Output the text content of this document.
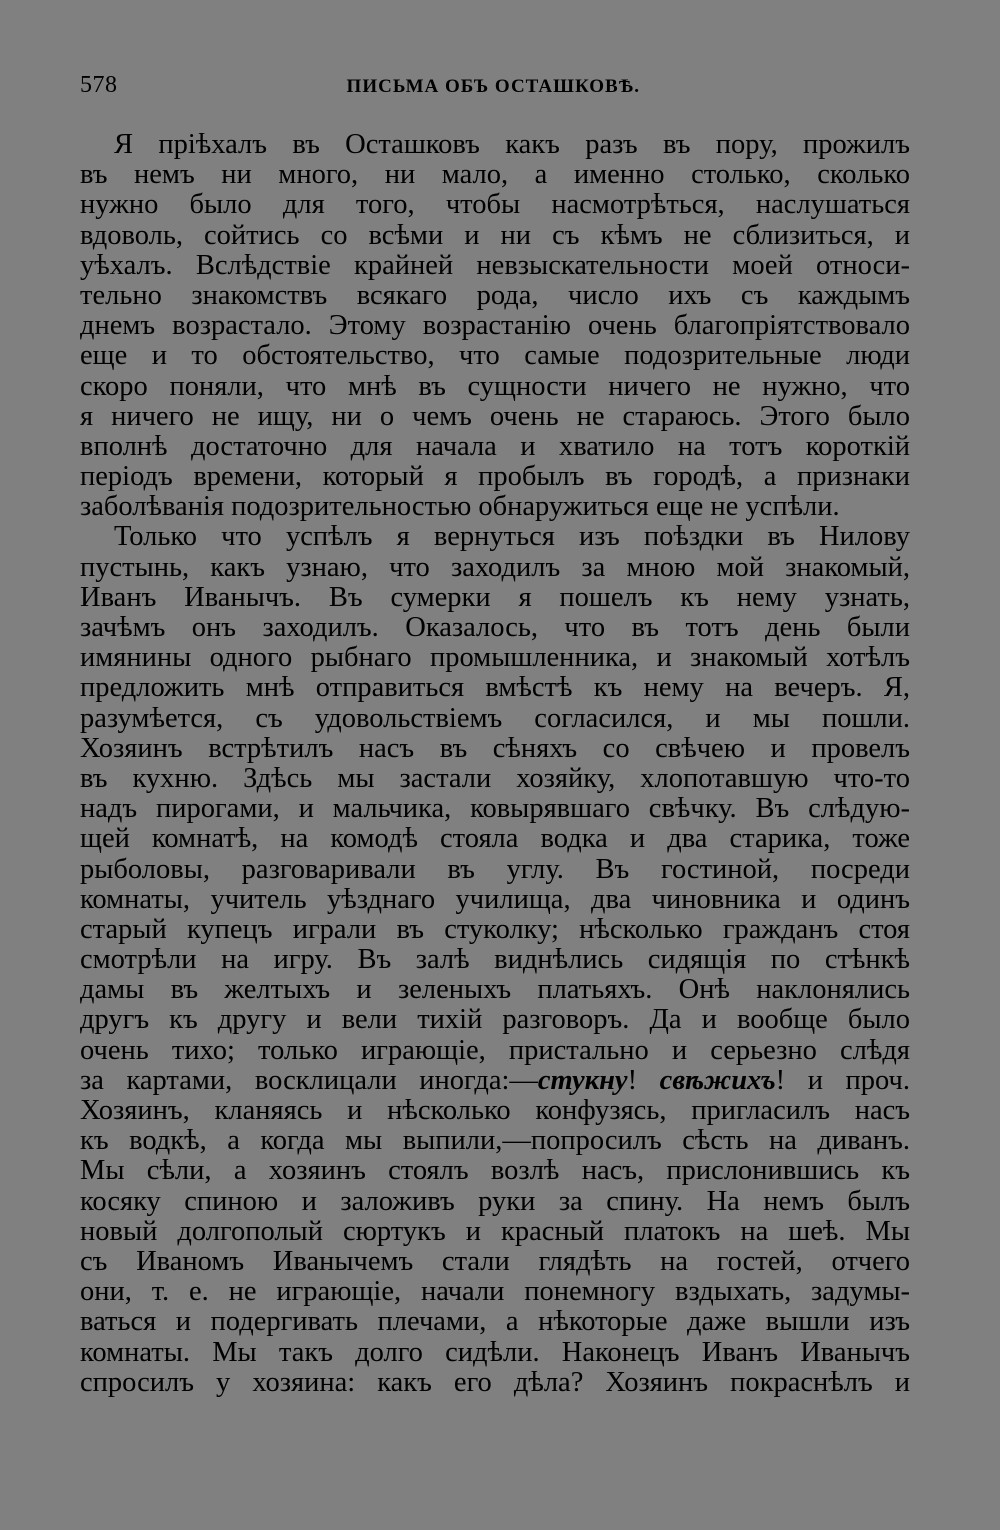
578	ПИСЬМА ОБЪ ОСТАШКОВѢ.
Я пріѣхалъ въ Осташковъ какъ разъ въ пору, прожилъ
въ немъ ни много, ни мало, а именно столько, сколько
нужно было для того, чтобы насмотрѣться, наслушаться
вдоволь, сойтись со всѣми и ни съ кѣмъ не сблизиться, и
уѣхалъ. Вслѣдствіе крайней невзыскательности моей относи-
тельно знакомствъ всякаго рода, число ихъ съ каждымъ
днемъ возрастало. Этому возрастанію очень благопріятствовало
еще и то обстоятельство, что самые подозрительные люди
скоро поняли, что мнѣ въ сущности ничего не нужно, что
я ничего не ищу, ни о чемъ очень не стараюсь. Этого было
вполнѣ достаточно для начала и хватило на тотъ короткій
періодъ времени, который я пробылъ въ городѣ, а признаки
заболѣванія подозрительностью обнаружиться еще не успѣли.
Только что успѣлъ я вернуться изъ поѣздки въ Нилову
пустынь, какъ узнаю, что заходилъ за мною мой знакомый,
Иванъ Иванычъ. Въ сумерки я пошелъ къ нему узнать,
зачѣмъ онъ заходилъ. Оказалось, что въ тотъ день были
имянины одного рыбнаго промышленника, и знакомый хотѣлъ
предложить мнѣ отправиться вмѣстѣ къ нему на вечеръ. Я,
разумѣется, съ удовольствіемъ согласился, и мы пошли.
Хозяинъ встрѣтилъ насъ въ сѣняхъ со свѣчею и провелъ
въ кухню. Здѣсь мы застали хозяйку, хлопотавшую что-то
надъ пирогами, и мальчика, ковырявшаго свѣчку. Въ слѣдую-
щей комнатѣ, на комодѣ стояла водка и два старика, тоже
рыболовы, разговаривали въ углу. Въ гостиной, посреди
комнаты, учитель уѣзднаго училища, два чиновника и одинъ
старый купецъ играли въ стуколку; нѣсколько гражданъ стоя
смотрѣли на игру. Въ залѣ виднѣлись сидящія по стѣнкѣ
дамы въ желтыхъ и зеленыхъ платьяхъ. Онѣ наклонялись
другъ къ другу и вели тихій разговоръ. Да и вообще было
очень тихо; только играющіе, пристально и серьезно слѣдя
за картами, восклицали иногда:—стукну! свѣжихъ! и проч.
Хозяинъ, кланяясь и нѣсколько конфузясь, пригласилъ насъ
къ водкѣ, а когда мы выпили,—попросилъ сѣсть на диванъ.
Мы сѣли, а хозяинъ стоялъ возлѣ насъ, прислонившись къ
косяку спиною и заложивъ руки за спину. На немъ былъ
новый долгополый сюртукъ и красный платокъ на шеѣ. Мы
съ Иваномъ Иванычемъ стали глядѣть на гостей, отчего
они, т. е. не играющіе, начали понемногу вздыхать, задумы-
ваться и подергивать плечами, а нѣкоторые даже вышли изъ
комнаты. Мы такъ долго сидѣли. Наконецъ Иванъ Иванычъ
спросилъ у хозяина: какъ его дѣла? Хозяинъ покраснѣлъ и
